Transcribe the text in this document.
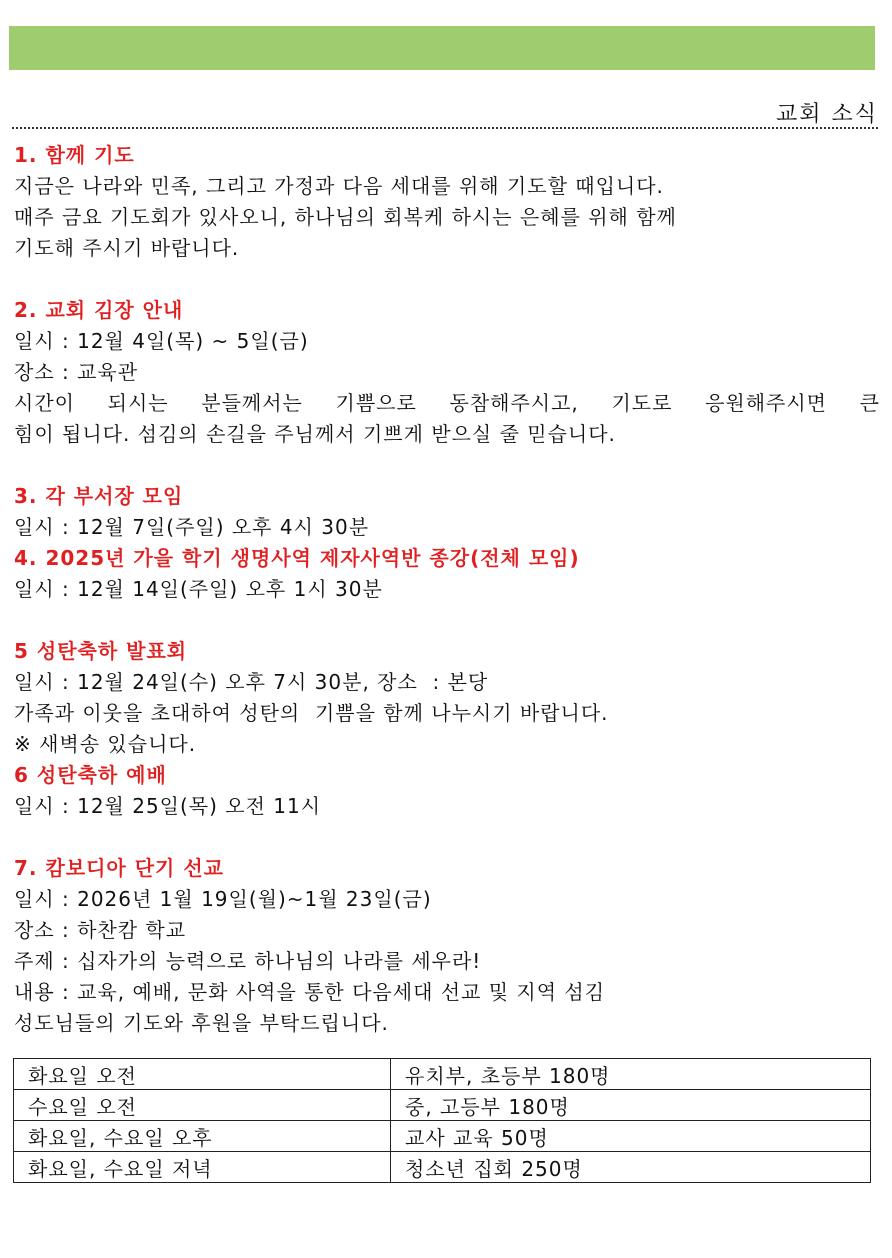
교회 소식
1. 함께 기도
지금은 나라와 민족, 그리고 가정과 다음 세대를 위해 기도할 때입니다.
매주 금요 기도회가 있사오니, 하나님의 회복케 하시는 은혜를 위해 함께
기도해 주시기 바랍니다.
2. 교회 김장 안내
일시 : 12월 4일(목) ~ 5일(금)
장소 : 교육관
시간이 되시는 분들께서는 기쁨으로 동참해주시고, 기도로 응원해주시면 큰
힘이 됩니다. 섬김의 손길을 주님께서 기쁘게 받으실 줄 믿습니다.
3. 각 부서장 모임
일시 : 12월 7일(주일) 오후 4시 30분
4. 2025년 가을 학기 생명사역 제자사역반 종강(전체 모임)
일시 : 12월 14일(주일) 오후 1시 30분
5 성탄축하 발표회
일시 : 12월 24일(수) 오후 7시 30분, 장소  : 본당
가족과 이웃을 초대하여 성탄의  기쁨을 함께 나누시기 바랍니다.
※ 새벽송 있습니다.
6 성탄축하 예배
일시 : 12월 25일(목) 오전 11시
7. 캄보디아 단기 선교
일시 : 2026년 1월 19일(월)~1월 23일(금)
장소 : 하찬캄 학교
주제 : 십자가의 능력으로 하나님의 나라를 세우라!
내용 : 교육, 예배, 문화 사역을 통한 다음세대 선교 및 지역 섬김
성도님들의 기도와 후원을 부탁드립니다.
화요일 오전	유치부, 초등부 180명
수요일 오전	중, 고등부 180명
화요일, 수요일 오후	교사 교육 50명
화요일, 수요일 저녁	청소년 집회 250명
